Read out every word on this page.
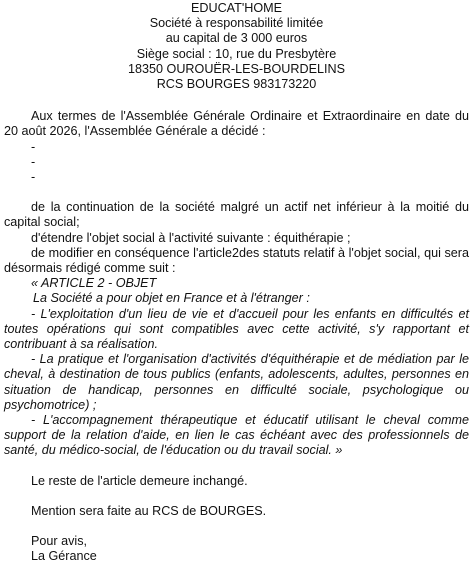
EDUCAT'HOME
Société à responsabilité limitée
au capital de 3 000 euros
Siège social : 10, rue du Presbytère
18350 OUROUËR-LES-BOURDELINS
RCS BOURGES 983173220
Aux termes de l'Assemblée Générale Ordinaire et Extraordinaire en date du 20 août 2026, l'Assemblée Générale a décidé :
-
-
-
de la continuation de la société malgré un actif net inférieur à la moitié du capital social;
d'étendre l'objet social à l'activité suivante : équithérapie ;
de modifier en conséquence l'article2des statuts relatif à l'objet social, qui sera désormais rédigé comme suit :
« ARTICLE 2 - OBJET
La Société a pour objet en France et à l'étranger :
- L'exploitation d'un lieu de vie et d'accueil pour les enfants en difficultés et toutes opérations qui sont compatibles avec cette activité, s'y rapportant et contribuant à sa réalisation.
- La pratique et l'organisation d'activités d'équithérapie et de médiation par le cheval, à destination de tous publics (enfants, adolescents, adultes, personnes en situation de handicap, personnes en difficulté sociale, psychologique ou psychomotrice) ;
- L'accompagnement thérapeutique et éducatif utilisant le cheval comme support de la relation d'aide, en lien le cas échéant avec des professionnels de santé, du médico-social, de l'éducation ou du travail social. »
Le reste de l'article demeure inchangé.
Mention sera faite au RCS de BOURGES.
Pour avis,
La Gérance
